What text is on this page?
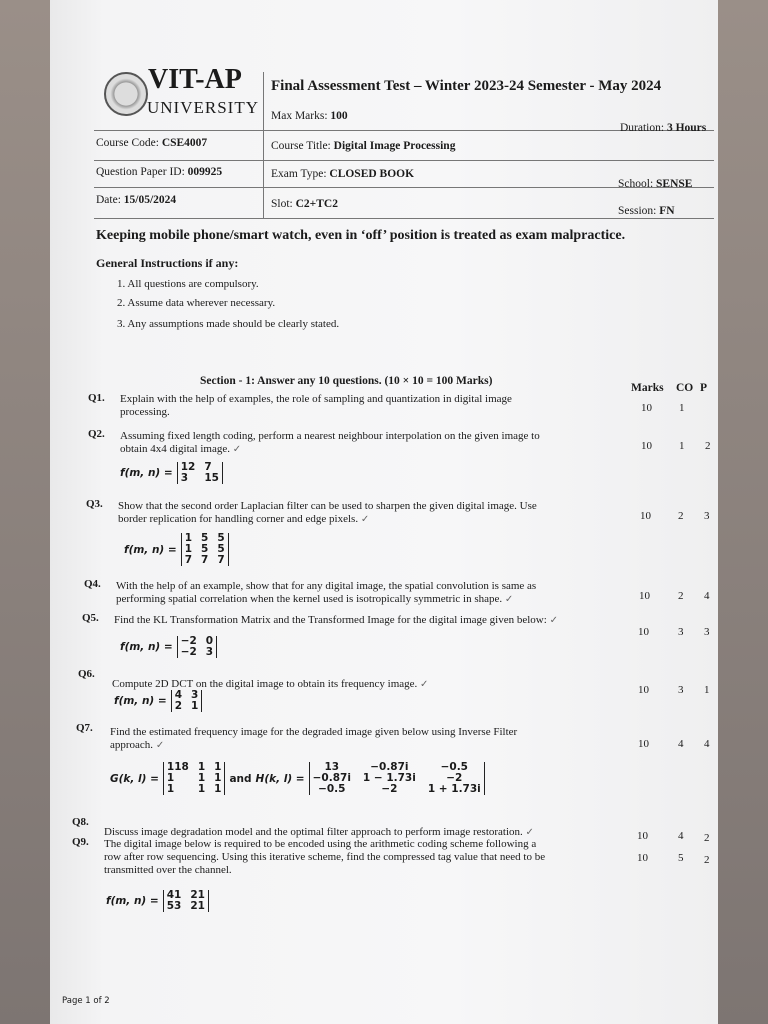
VIT-AP
UNIVERSITY
Final Assessment Test – Winter 2023-24 Semester - May 2024
Max Marks: 100
Duration: 3 Hours
Course Code: CSE4007	Course Title: Digital Image Processing
Question Paper ID: 009925	Exam Type: CLOSED BOOK
School: SENSE
Date: 15/05/2024	Slot: C2+TC2
Session: FN
Keeping mobile phone/smart watch, even in ‘off’ position is treated as exam malpractice.
General Instructions if any:
1. All questions are compulsory.
2. Assume data wherever necessary.
3. Any assumptions made should be clearly stated.
Section - 1: Answer any 10 questions. (10 × 10 = 100 Marks)
Marks CO P
Q1. Explain with the help of examples, the role of sampling and quantization in digital image
processing.	10 1
Q2. Assuming fixed length coding, perform a nearest neighbour interpolation on the given image to
obtain 4x4 digital image. ✓	10 1 2
f(m, n) = 12 7
3	15
Q3. Show that the second order Laplacian filter can be used to sharpen the given digital image. Use
border replication for handling corner and edge pixels. ✓	10 2 3
f(m, n) =
1 5 5
1 5 5
7 7 7
Q4. With the help of an example, show that for any digital image, the spatial convolution is same as
performing spatial correlation when the kernel used is isotropically symmetric in shape. ✓	10	2 4
Q5. Find the KL Transformation Matrix and the Transformed Image for the digital image given below: ✓
10	3 3
f(m, n) = −2 0
−2 3
Q6.
Compute 2D DCT on the digital image to obtain its frequency image. ✓	10	3 1
f(m, n) = 4 3
2 1
Q7. Find the estimated frequency image for the degraded image given below using Inverse Filter
approach. ✓	10	4 4
G(k, l) =
118 1 1
1	1 1
1	1 1
and H(k, l) =
13	−0.87i	−0.5
−0.87i 1 − 1.73i	−2
−0.5	−2	1 + 1.73i
Q8.
Discuss image degradation model and the optimal filter approach to perform image restoration. ✓	10	4 2
Q9. The digital image below is required to be encoded using the arithmetic coding scheme following a
row after row sequencing. Using this iterative scheme, find the compressed tag value that need to be
transmitted over the channel.
10	5 2
f(m, n) = 41 21
53 21
Page 1 of 2
